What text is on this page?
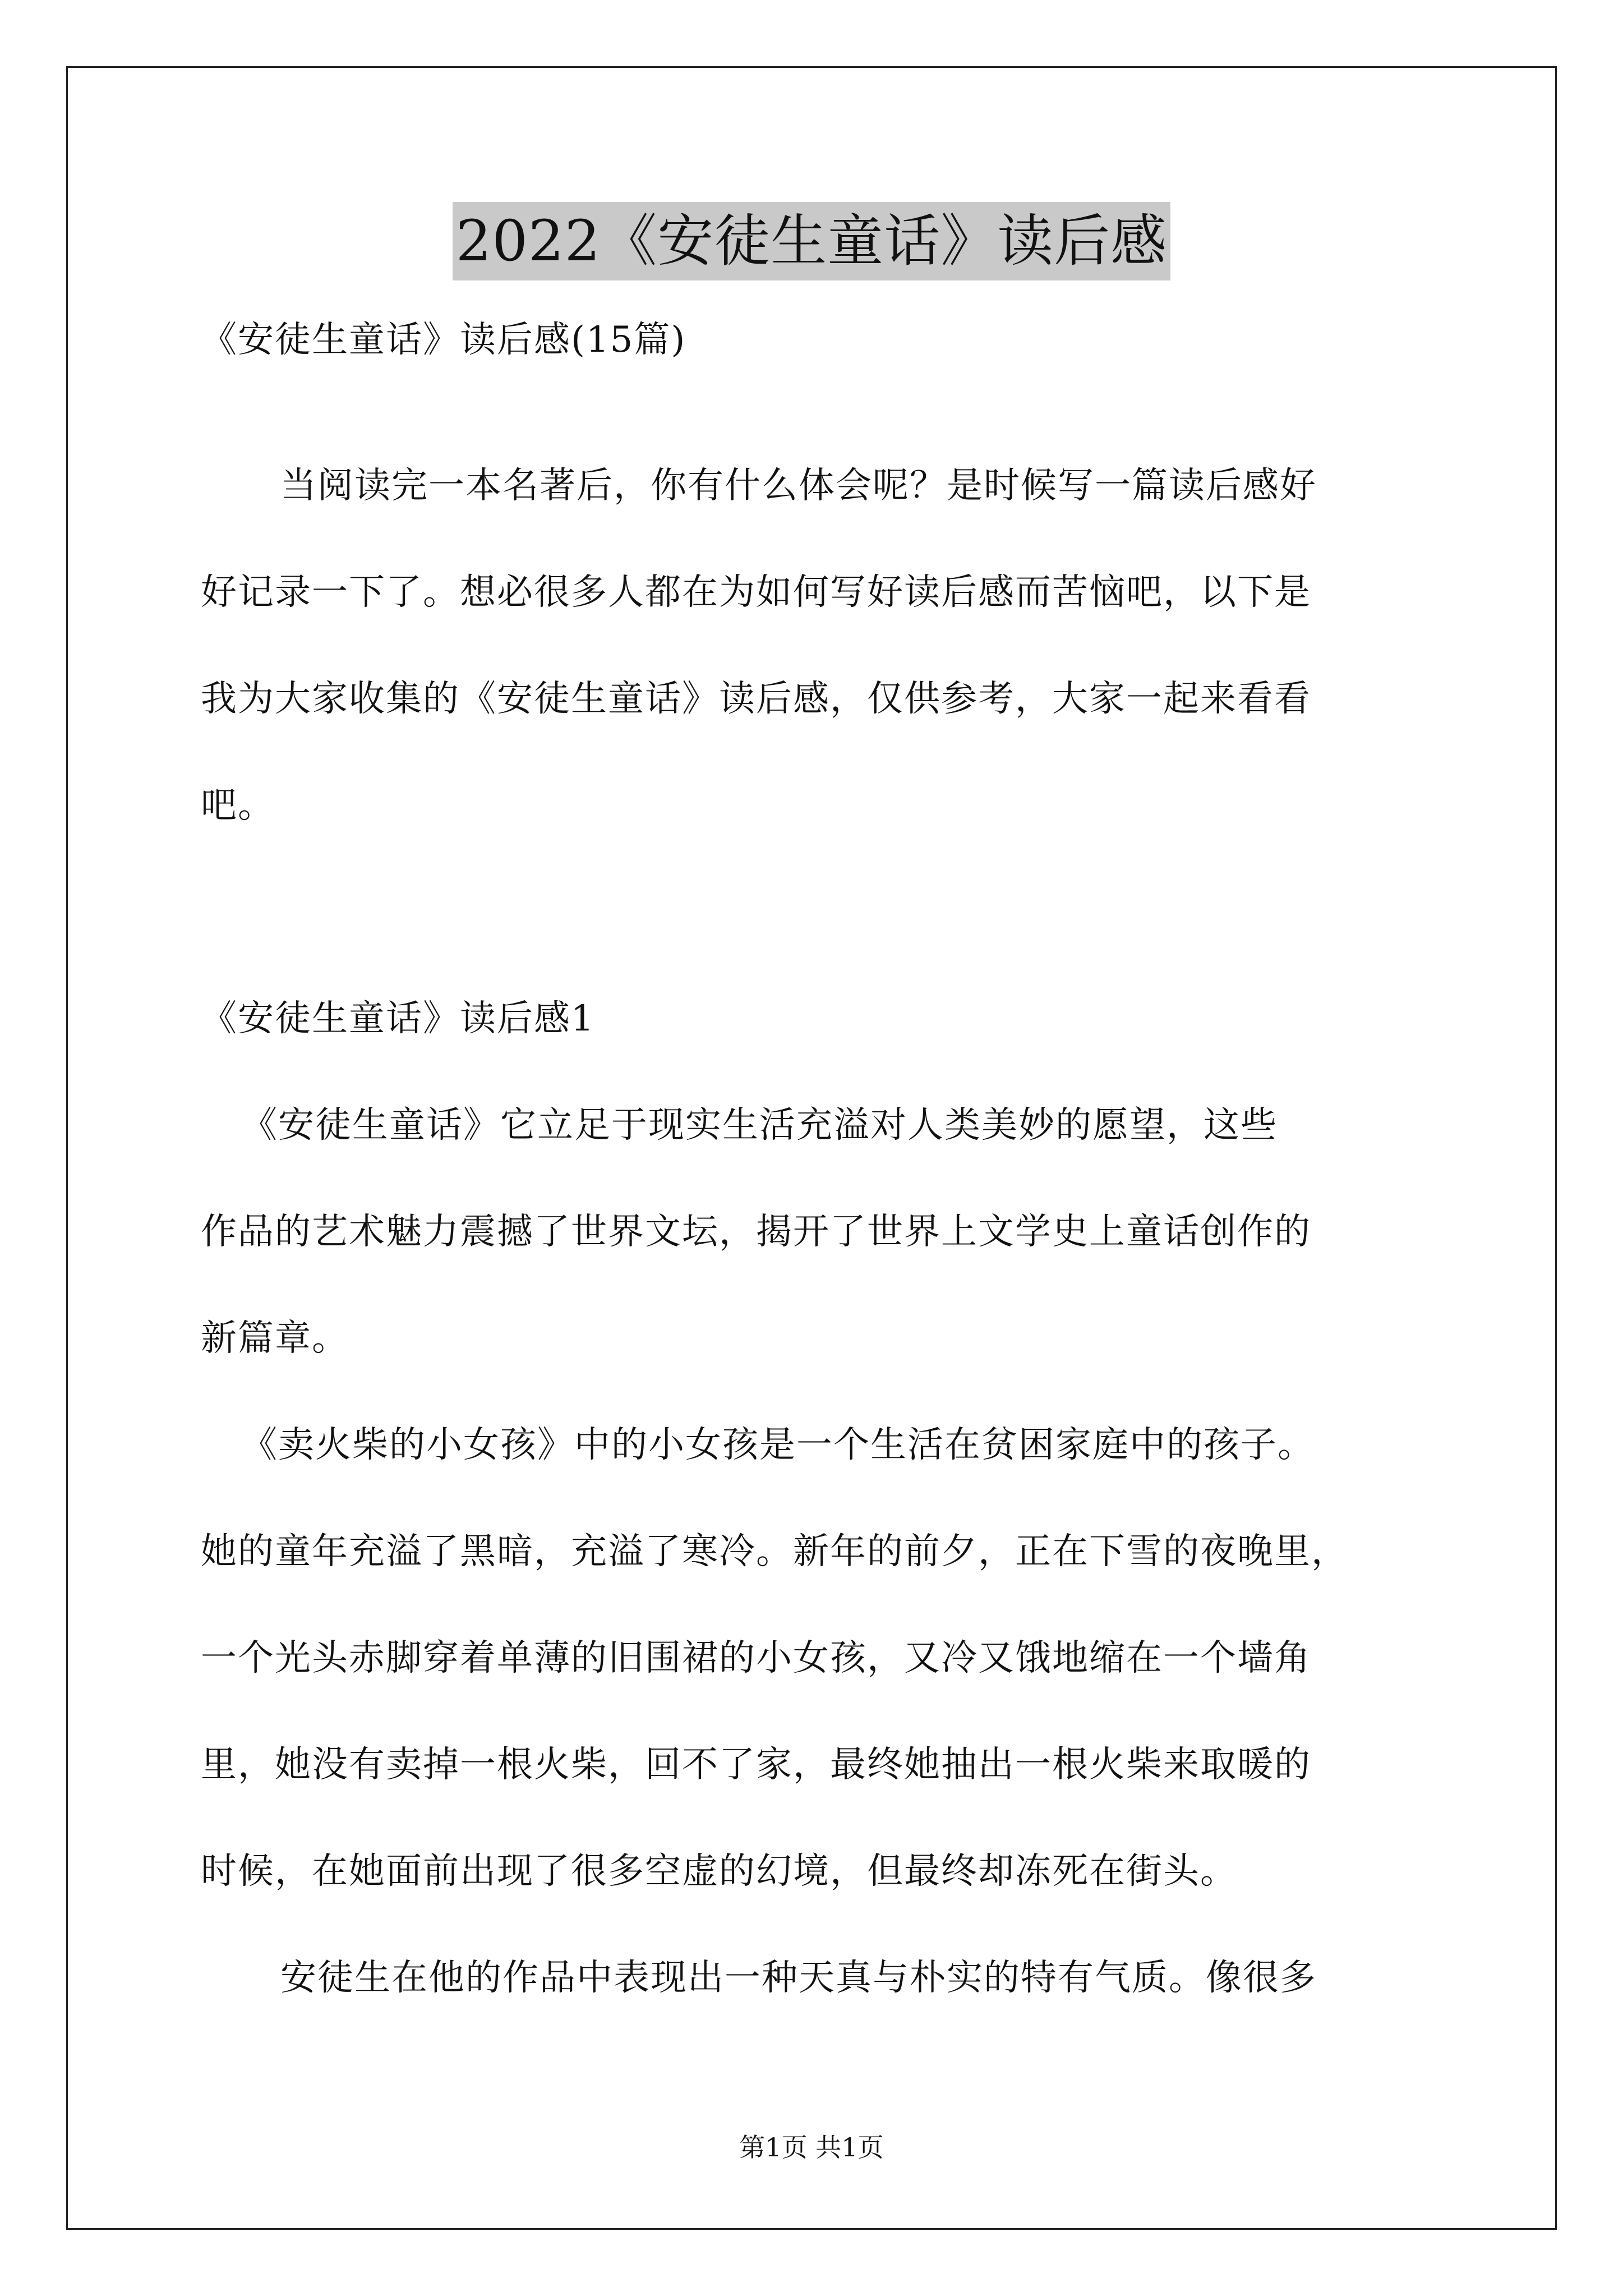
2022《安徒生童话》读后感
《安徒生童话》读后感(15篇)
当阅读完一本名著后，你有什么体会呢？是时候写一篇读后感好
好记录一下了。想必很多人都在为如何写好读后感而苦恼吧，以下是
我为大家收集的《安徒生童话》读后感，仅供参考，大家一起来看看
吧。
《安徒生童话》读后感1
《安徒生童话》它立足于现实生活充溢对人类美妙的愿望，这些
作品的艺术魅力震撼了世界文坛，揭开了世界上文学史上童话创作的
新篇章。
《卖火柴的小女孩》中的小女孩是一个生活在贫困家庭中的孩子。
她的童年充溢了黑暗，充溢了寒冷。新年的前夕，正在下雪的夜晚里，
一个光头赤脚穿着单薄的旧围裙的小女孩，又冷又饿地缩在一个墙角
里，她没有卖掉一根火柴，回不了家，最终她抽出一根火柴来取暖的
时候，在她面前出现了很多空虚的幻境，但最终却冻死在街头。
安徒生在他的作品中表现出一种天真与朴实的特有气质。像很多
第1页 共1页
